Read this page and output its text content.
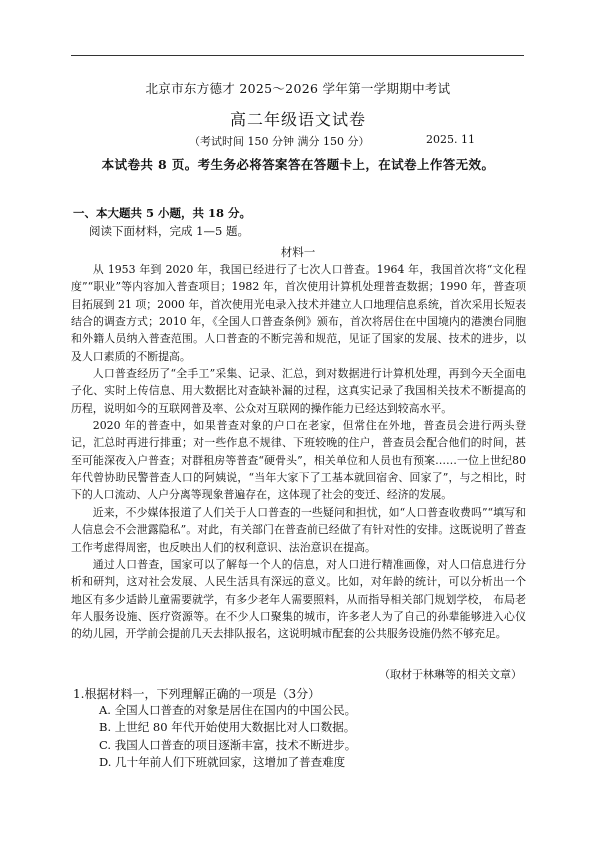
北京市东方德才 2025～2026 学年第一学期期中考试
高二年级语文试卷
（考试时间 150 分钟 满分 150 分）	2025. 11
本试卷共 8 页。考生务必将答案答在答题卡上，在试卷上作答无效。
一、本大题共 5 小题，共 18 分。
阅读下面材料，完成 1—5 题。
材料一

从 1953 年到 2020 年，我国已经进行了七次人口普查。1964 年，我国首次将“文化程度”“职业”等内容加入普查项目；1982 年，首次使用计算机处理普查数据；1990 年，普查项目拓展到 21 项；2000 年，首次使用光电录入技术并建立人口地理信息系统，首次采用长短表结合的调查方式；2010 年，《全国人口普查条例》颁布，首次将居住在中国境内的港澳台同胞和外籍人员纳入普查范围。人口普查的不断完善和规范，见证了国家的发展、技术的进步，以及人口素质的不断提高。

人口普查经历了“全手工”采集、记录、汇总，到对数据进行计算机处理，再到今天全面电子化、实时上传信息、用大数据比对查缺补漏的过程，这真实记录了我国相关技术不断提高的历程，说明如今的互联网普及率、公众对互联网的操作能力已经达到较高水平。

2020 年的普查中，如果普查对象的户口在老家，但常住在外地，普查员会进行两头登记，汇总时再进行排重；对一些作息不规律、下班较晚的住户，普查员会配合他们的时间，甚至可能深夜入户普查；对群租房等普查“硬骨头”，相关单位和人员也有预案……一位上世纪80年代曾协助民警普查人口的阿姨说，“当年大家下了工基本就回宿舍、回家了”，与之相比，时下的人口流动、人户分离等现象普遍存在，这体现了社会的变迁、经济的发展。

近来，不少媒体报道了人们关于人口普查的一些疑问和担忧，如“人口普查收费吗”“填写和人信息会不会泄露隐私”。对此，有关部门在普查前已经做了有针对性的安排。这既说明了普查工作考虑得周密，也反映出人们的权利意识、法治意识在提高。

通过人口普查，国家可以了解每一个人的信息，对人口进行精准画像，对人口信息进行分析和研判，这对社会发展、人民生活具有深远的意义。比如，对年龄的统计，可以分析出一个地区有多少适龄儿童需要就学，有多少老年人需要照料，从而指导相关部门规划学校， 布局老年人服务设施、医疗资源等。在不少人口聚集的城市，许多老人为了自己的孙辈能够进入心仪的幼儿园，开学前会提前几天去排队报名，这说明城市配套的公共服务设施仍然不够充足。

（取材于林琳等的相关文章）
1.根据材料一，下列理解正确的一项是（3分）
A. 全国人口普查的对象是居住在国内的中国公民。
B. 上世纪 80 年代开始使用大数据比对人口数据。
C. 我国人口普查的项目逐渐丰富，技术不断进步。
D. 几十年前人们下班就回家，这增加了普查难度
